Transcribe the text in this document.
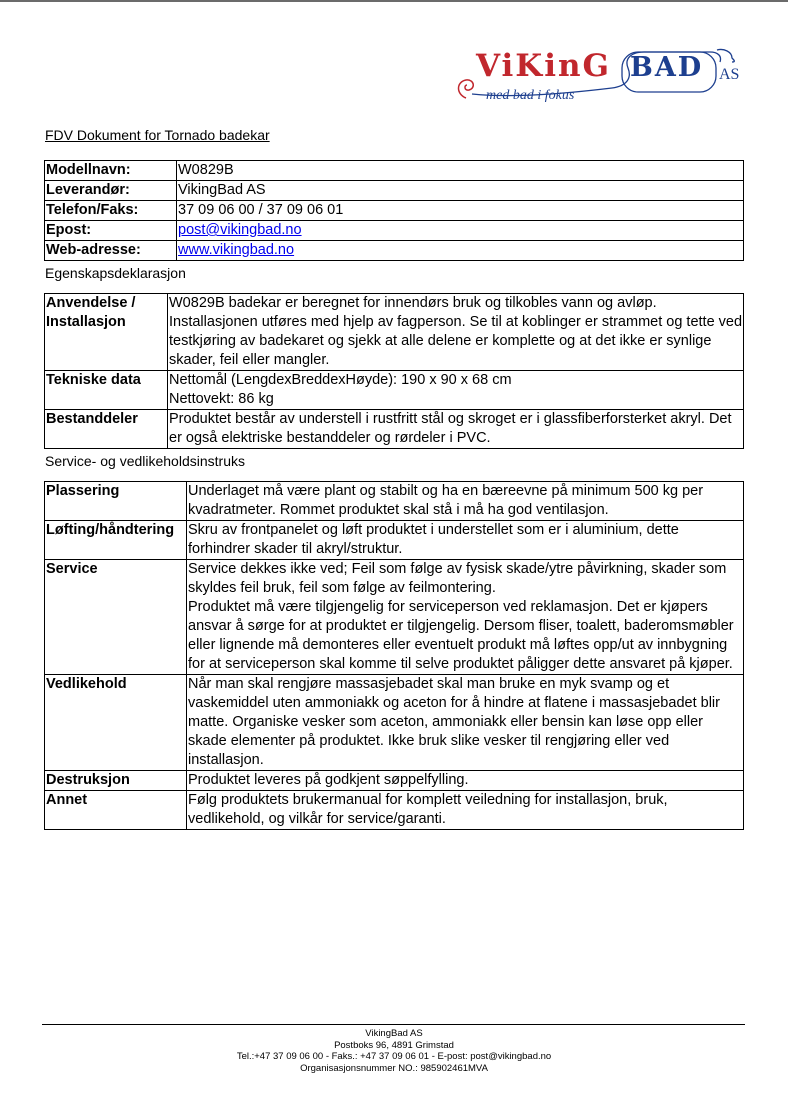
ViKinG BAD AS
med bad i fokus
FDV Dokument for Tornado badekar
Modellnavn:	W0829B
Leverandør:	VikingBad AS
Telefon/Faks:	37 09 06 00 / 37 09 06 01
Epost:	post@vikingbad.no
Web-adresse:	www.vikingbad.no
Egenskapsdeklarasjon
Anvendelse / Installasjon	W0829B badekar er beregnet for innendørs bruk og tilkobles vann og avløp. Installasjonen utføres med hjelp av fagperson. Se til at koblinger er strammet og tette ved testkjøring av badekaret og sjekk at alle delene er komplette og at det ikke er synlige skader, feil eller mangler.
Tekniske data	Nettomål (LengdexBreddexHøyde): 190 x 90 x 68 cm
Nettovekt: 86 kg

Bestanddeler	Produktet består av understell i rustfritt stål og skroget er i glassfiberforsterket akryl. Det er også elektriske bestanddeler og rørdeler i PVC.
Service- og vedlikeholdsinstruks
Plassering	Underlaget må være plant og stabilt og ha en bæreevne på minimum 500 kg per kvadratmeter. Rommet produktet skal stå i må ha god ventilasjon.
Løfting/håndtering	Skru av frontpanelet og løft produktet i understellet som er i aluminium, dette forhindrer skader til akryl/struktur.
Service	Service dekkes ikke ved; Feil som følge av fysisk skade/ytre påvirkning, skader som skyldes feil bruk, feil som følge av feilmontering.
Produktet må være tilgjengelig for serviceperson ved reklamasjon. Det er kjøpers ansvar å sørge for at produktet er tilgjengelig. Dersom fliser, toalett, baderomsmøbler eller lignende må demonteres eller eventuelt produkt må løftes opp/ut av innbygning for at serviceperson skal komme til selve produktet påligger dette ansvaret på kjøper.

Vedlikehold	Når man skal rengjøre massasjebadet skal man bruke en myk svamp og et vaskemiddel uten ammoniakk og aceton for å hindre at flatene i massasjebadet blir matte. Organiske vesker som aceton, ammoniakk eller bensin kan løse opp eller skade elementer på produktet. Ikke bruk slike vesker til rengjøring eller ved installasjon.
Destruksjon	Produktet leveres på godkjent søppelfylling.
Annet	Følg produktets brukermanual for komplett veiledning for installasjon, bruk, vedlikehold, og vilkår for service/garanti.
VikingBad AS
Postboks 96, 4891 Grimstad
Tel.:+47 37 09 06 00 - Faks.: +47 37 09 06 01 - E-post: post@vikingbad.no
Organisasjonsnummer NO.: 985902461MVA
